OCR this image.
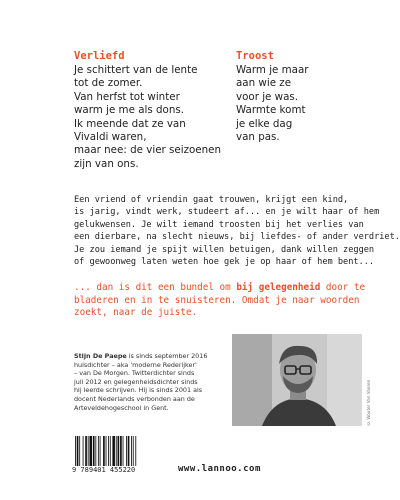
Verliefd
Je schittert van de lente
tot de zomer.
Van herfst tot winter
warm je me als dons.
Ik meende dat ze van
Vivaldi waren,
maar nee: de vier seizoenen
zijn van ons.
Troost
Warm je maar
aan wie ze
voor je was.
Warmte komt
je elke dag
van pas.
Een vriend of vriendin gaat trouwen, krijgt een kind,
is jarig, vindt werk, studeert af... en je wilt haar of hem
gelukwensen. Je wilt iemand troosten bij het verlies van
een dierbare, na slecht nieuws, bij liefdes- of ander verdriet.
Je zou iemand je spijt willen betuigen, dank willen zeggen
of gewoonweg laten weten hoe gek je op haar of hem bent...
... dan is dit een bundel om bij gelegenheid door te
bladeren en in te snuisteren. Omdat je naar woorden
zoekt, naar de juiste.
Stijn De Paepe is sinds september 2016
huisdichter – aka 'moderne Rederijker'
– van De Morgen. Twitterdichter sinds
juli 2012 en gelegenheidsdichter sinds
hij leerde schrijven. Hij is sinds 2001 als
docent Nederlands verbonden aan de
Arteveldehogeschool in Gent.	© Wouter Van Vooren
9 789401 455220	www.lannoo.com
